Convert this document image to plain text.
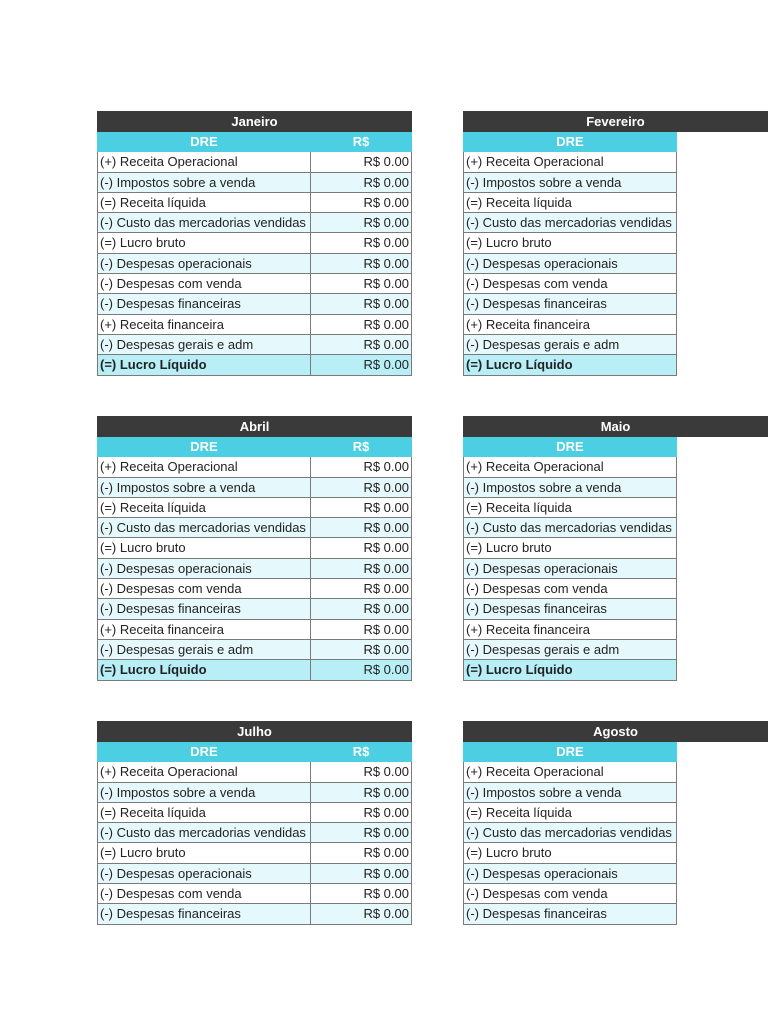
Janeiro
DRE	R$
(+) Receita Operacional	R$ 0.00
(-) Impostos sobre a venda	R$ 0.00
(=) Receita líquida	R$ 0.00
(-) Custo das mercadorias vendidas	R$ 0.00
(=) Lucro bruto	R$ 0.00
(-) Despesas operacionais	R$ 0.00
(-) Despesas com venda	R$ 0.00
(-) Despesas financeiras	R$ 0.00
(+) Receita financeira	R$ 0.00
(-) Despesas gerais e adm	R$ 0.00
(=) Lucro Líquido	R$ 0.00
Fevereiro
DRE
(+) Receita Operacional
(-) Impostos sobre a venda
(=) Receita líquida
(-) Custo das mercadorias vendidas
(=) Lucro bruto
(-) Despesas operacionais
(-) Despesas com venda
(-) Despesas financeiras
(+) Receita financeira
(-) Despesas gerais e adm
(=) Lucro Líquido
Abril
DRE	R$
(+) Receita Operacional	R$ 0.00
(-) Impostos sobre a venda	R$ 0.00
(=) Receita líquida	R$ 0.00
(-) Custo das mercadorias vendidas	R$ 0.00
(=) Lucro bruto	R$ 0.00
(-) Despesas operacionais	R$ 0.00
(-) Despesas com venda	R$ 0.00
(-) Despesas financeiras	R$ 0.00
(+) Receita financeira	R$ 0.00
(-) Despesas gerais e adm	R$ 0.00
(=) Lucro Líquido	R$ 0.00
Maio
DRE
(+) Receita Operacional
(-) Impostos sobre a venda
(=) Receita líquida
(-) Custo das mercadorias vendidas
(=) Lucro bruto
(-) Despesas operacionais
(-) Despesas com venda
(-) Despesas financeiras
(+) Receita financeira
(-) Despesas gerais e adm
(=) Lucro Líquido
Julho
DRE	R$
(+) Receita Operacional	R$ 0.00
(-) Impostos sobre a venda	R$ 0.00
(=) Receita líquida	R$ 0.00
(-) Custo das mercadorias vendidas	R$ 0.00
(=) Lucro bruto	R$ 0.00
(-) Despesas operacionais	R$ 0.00
(-) Despesas com venda	R$ 0.00
(-) Despesas financeiras	R$ 0.00
Agosto
DRE
(+) Receita Operacional
(-) Impostos sobre a venda
(=) Receita líquida
(-) Custo das mercadorias vendidas
(=) Lucro bruto
(-) Despesas operacionais
(-) Despesas com venda
(-) Despesas financeiras
